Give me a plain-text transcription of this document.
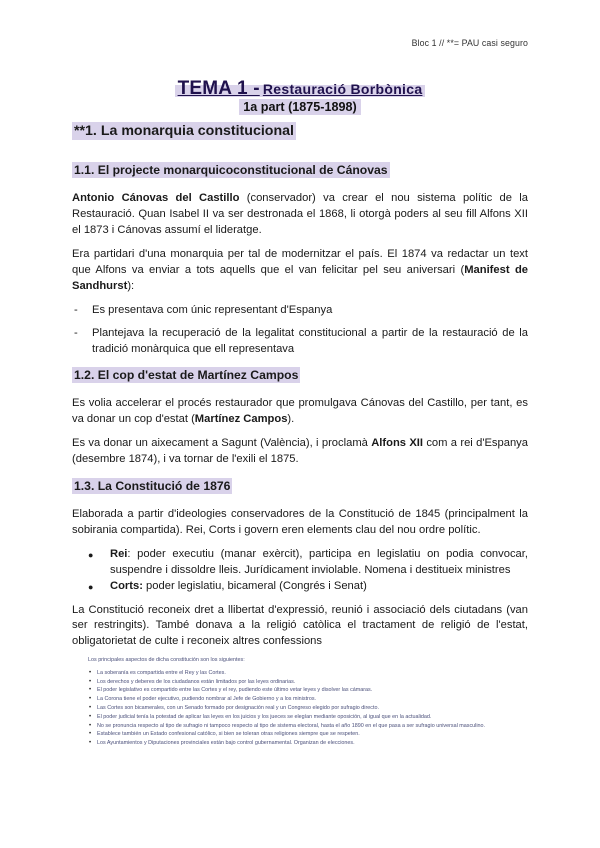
Bloc 1 // **= PAU casi seguro
TEMA 1 - Restauració Borbònica
1a part (1875-1898)
**1. La monarquia constitucional
1.1. El projecte monarquicoconstitucional de Cánovas

Antonio Cánovas del Castillo (conservador) va crear el nou sistema polític de la Restauració. Quan Isabel II va ser destronada el 1868, li otorgà poders al seu fill Alfons XII el 1873 i Cánovas assumí el lideratge.

Era partidari d'una monarquia per tal de modernitzar el país. El 1874 va redactar un text que Alfons va enviar a tots aquells que el van felicitar pel seu aniversari (Manifest de Sandhurst):

-	Es presentava com únic representant d'Espanya
-	Plantejava la recuperació de la legalitat constitucional a partir de la restauració de la tradició monàrquica que ell representava
1.2. El cop d'estat de Martínez Campos

Es volia accelerar el procés restaurador que promulgava Cánovas del Castillo, per tant, es va donar un cop d'estat (Martínez Campos).

Es va donar un aixecament a Sagunt (València), i proclamà Alfons XII com a rei d'Espanya (desembre 1874), i va tornar de l'exili el 1875.

1.3. La Constitució de 1876

Elaborada a partir d'ideologies conservadores de la Constitució de 1845 (principalment la sobirania compartida). Rei, Corts i govern eren elements clau del nou ordre polític.

●	Rei: poder executiu (manar exèrcit), participa en legislatiu on podia convocar, suspendre i dissoldre lleis. Jurídicament inviolable. Nomena i destitueix ministres
●	Corts: poder legislatiu, bicameral (Congrés i Senat)

La Constitució reconeix dret a llibertat d'expressió, reunió i associació dels ciutadans (van ser restringits). També donava a la religió catòlica el tractament de religió de l'estat, obligatorietat de culte i reconeix altres confessions

Los principales aspectos de dicha constitución son los siguientes:
• La soberanía es compartida entre el Rey y las Cortes.
• Los derechos y deberes de los ciudadanos están limitados por las leyes ordinarias.
• El poder legislativo es compartido entre las Cortes y el rey, pudiendo este último vetar leyes y disolver las cámaras.
• La Corona tiene el poder ejecutivo, pudiendo nombrar al Jefe de Gobierno y a los ministros.
• Las Cortes son bicamerales, con un Senado formado por designación real y un Congreso elegido por sufragio directo.
• El poder judicial tenía la potestad de aplicar las leyes en los juicios y los jueces se elegían mediante oposición, al igual que en la actualidad.
• No se pronuncia respecto al tipo de sufragio ni tampoco respecto al tipo de sistema electoral, hasta el año 1890 en el que pasa a ser sufragio universal masculino.
• Establece también un Estado confesional católico, si bien se toleran otras religiones siempre que se respeten.
• Los Ayuntamientos y Diputaciones provinciales están bajo control gubernamental. Organizan de elecciones.
